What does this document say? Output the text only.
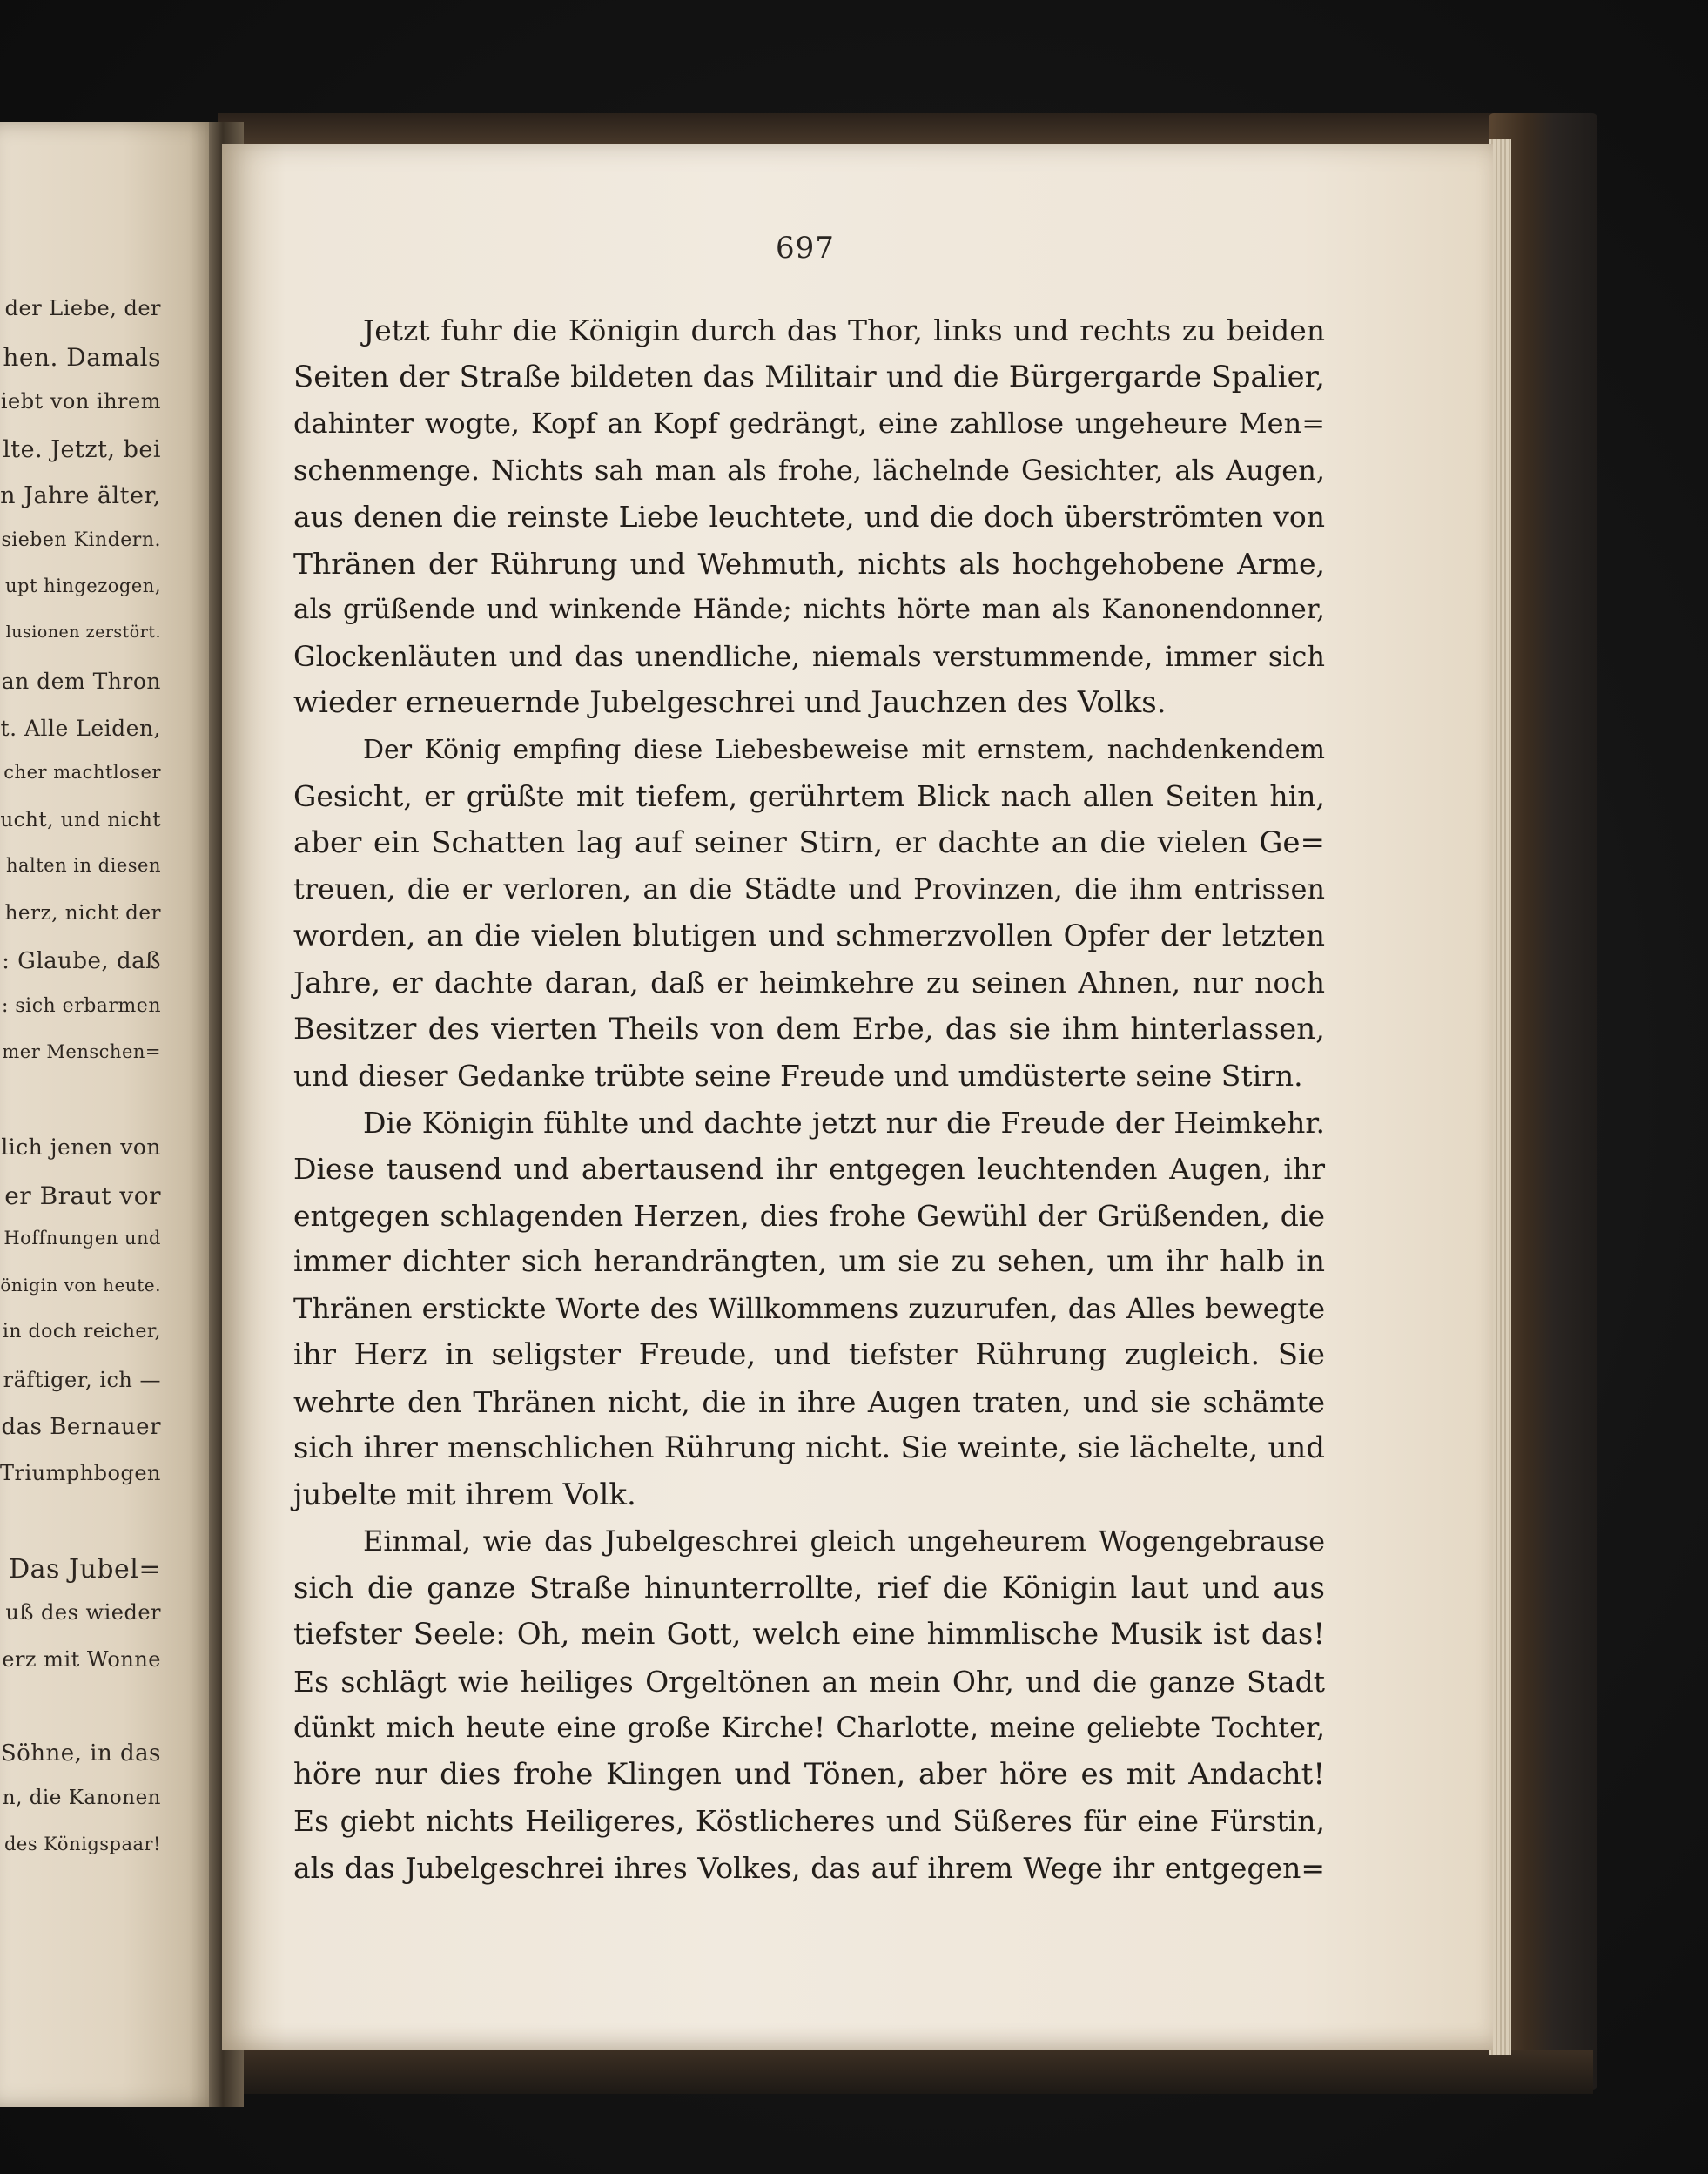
der Liebe, der
hen. Damals
iebt von ihrem
lte. Jetzt, bei
n Jahre älter,
sieben Kindern.
upt hingezogen,
lusionen zerstört.
an dem Thron
t. Alle Leiden,
cher machtloser
ucht, und nicht
halten in diesen
herz, nicht der
: Glaube, daß
: sich erbarmen
mer Menschen=
lich jenen von
er Braut vor
Hoffnungen und
önigin von heute.
in doch reicher,
räftiger, ich —
das Bernauer
Triumphbogen
Das Jubel=
uß des wieder
erz mit Wonne
Söhne, in das
n, die Kanonen
des Königspaar!
697
Jetzt fuhr die Königin durch das Thor, links und rechts zu beiden
Seiten der Straße bildeten das Militair und die Bürgergarde Spalier,
dahinter wogte, Kopf an Kopf gedrängt, eine zahllose ungeheure Men=
schenmenge. Nichts sah man als frohe, lächelnde Gesichter, als Augen,
aus denen die reinste Liebe leuchtete, und die doch überströmten von
Thränen der Rührung und Wehmuth, nichts als hochgehobene Arme,
als grüßende und winkende Hände; nichts hörte man als Kanonendonner,
Glockenläuten und das unendliche, niemals verstummende, immer sich
wieder erneuernde Jubelgeschrei und Jauchzen des Volks.
Der König empfing diese Liebesbeweise mit ernstem, nachdenkendem
Gesicht, er grüßte mit tiefem, gerührtem Blick nach allen Seiten hin,
aber ein Schatten lag auf seiner Stirn, er dachte an die vielen Ge=
treuen, die er verloren, an die Städte und Provinzen, die ihm entrissen
worden, an die vielen blutigen und schmerzvollen Opfer der letzten
Jahre, er dachte daran, daß er heimkehre zu seinen Ahnen, nur noch
Besitzer des vierten Theils von dem Erbe, das sie ihm hinterlassen,
und dieser Gedanke trübte seine Freude und umdüsterte seine Stirn.
Die Königin fühlte und dachte jetzt nur die Freude der Heimkehr.
Diese tausend und abertausend ihr entgegen leuchtenden Augen, ihr
entgegen schlagenden Herzen, dies frohe Gewühl der Grüßenden, die
immer dichter sich herandrängten, um sie zu sehen, um ihr halb in
Thränen erstickte Worte des Willkommens zuzurufen, das Alles bewegte
ihr Herz in seligster Freude, und tiefster Rührung zugleich. Sie
wehrte den Thränen nicht, die in ihre Augen traten, und sie schämte
sich ihrer menschlichen Rührung nicht. Sie weinte, sie lächelte, und
jubelte mit ihrem Volk.
Einmal, wie das Jubelgeschrei gleich ungeheurem Wogengebrause
sich die ganze Straße hinunterrollte, rief die Königin laut und aus
tiefster Seele: Oh, mein Gott, welch eine himmlische Musik ist das!
Es schlägt wie heiliges Orgeltönen an mein Ohr, und die ganze Stadt
dünkt mich heute eine große Kirche! Charlotte, meine geliebte Tochter,
höre nur dies frohe Klingen und Tönen, aber höre es mit Andacht!
Es giebt nichts Heiligeres, Köstlicheres und Süßeres für eine Fürstin,
als das Jubelgeschrei ihres Volkes, das auf ihrem Wege ihr entgegen=
